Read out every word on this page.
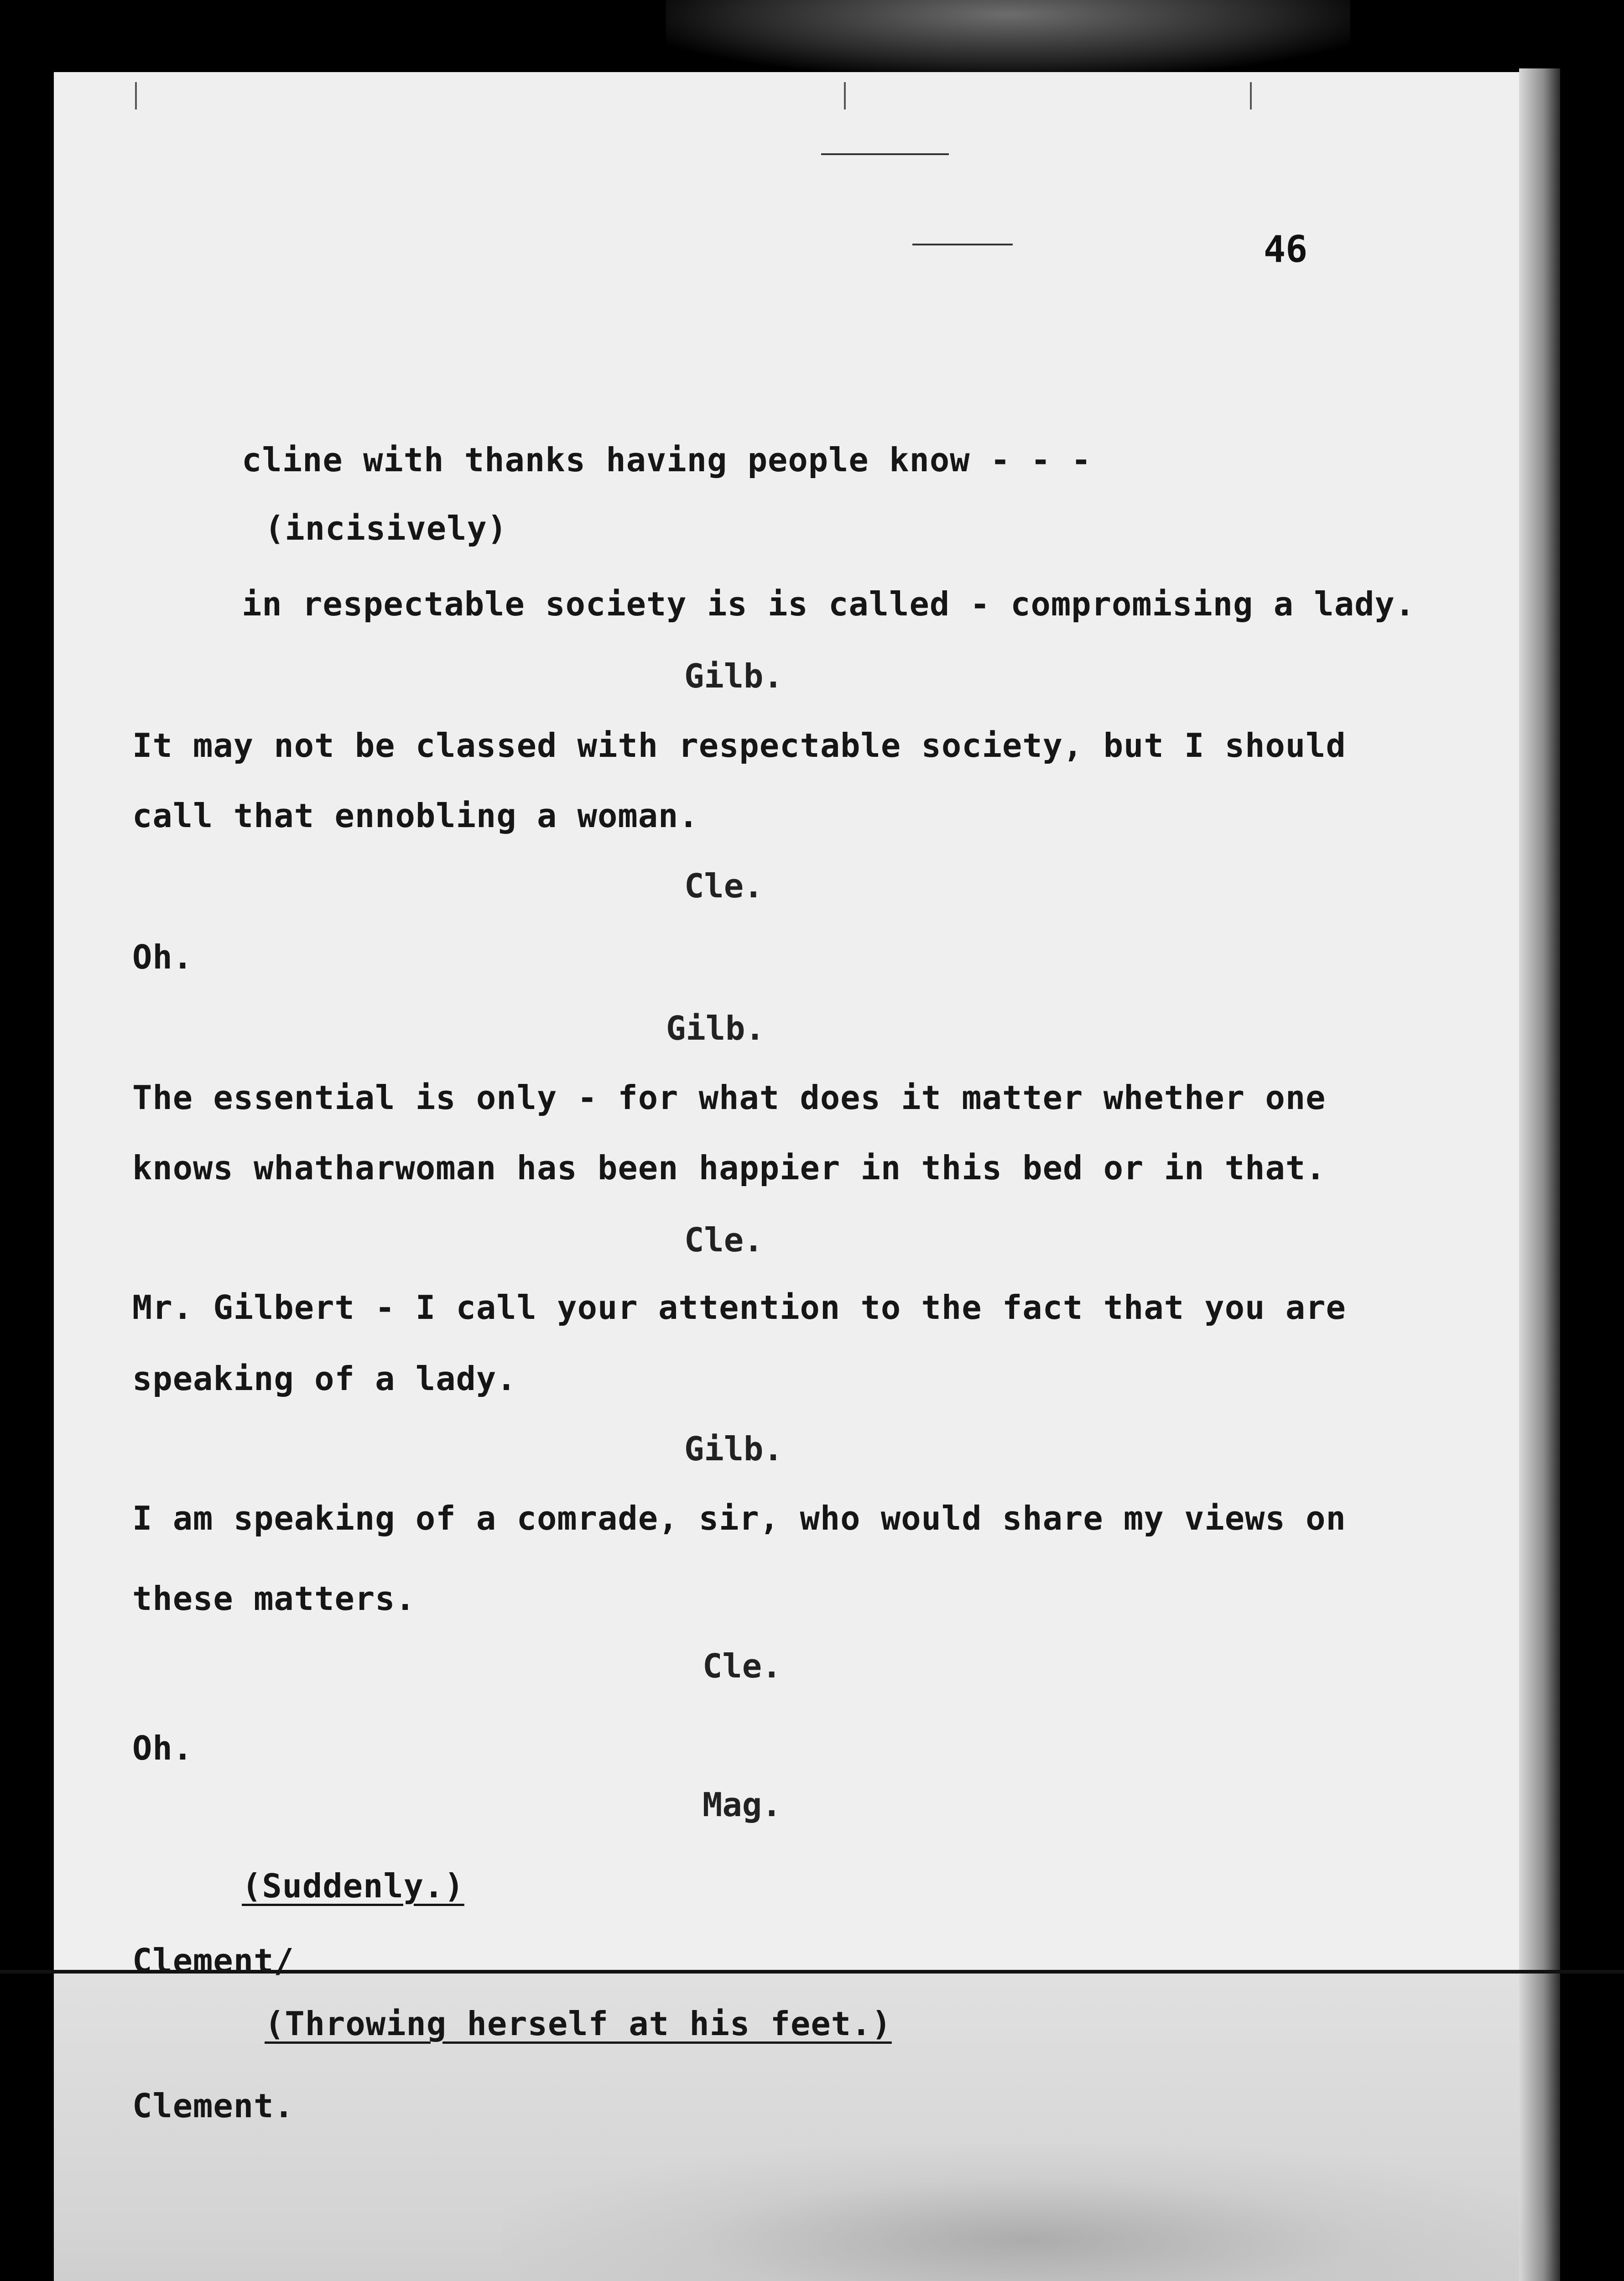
46
cline with thanks having people know - - -
(incisively)
in respectable society is is called - compromising a lady.
Gilb.
It may not be classed with respectable society, but I should
call that ennobling a woman.
Cle.
Oh.
Gilb.
The essential is only - for what does it matter whether one
knows whatharwoman has been happier in this bed or in that.
Cle.
Mr. Gilbert - I call your attention to the fact that you are
speaking of a lady.
Gilb.
I am speaking of a comrade, sir, who would share my views on
these matters.
Cle.
Oh.
Mag.
(Suddenly.)
Clement/
(Throwing herself at his feet.)
Clement.
